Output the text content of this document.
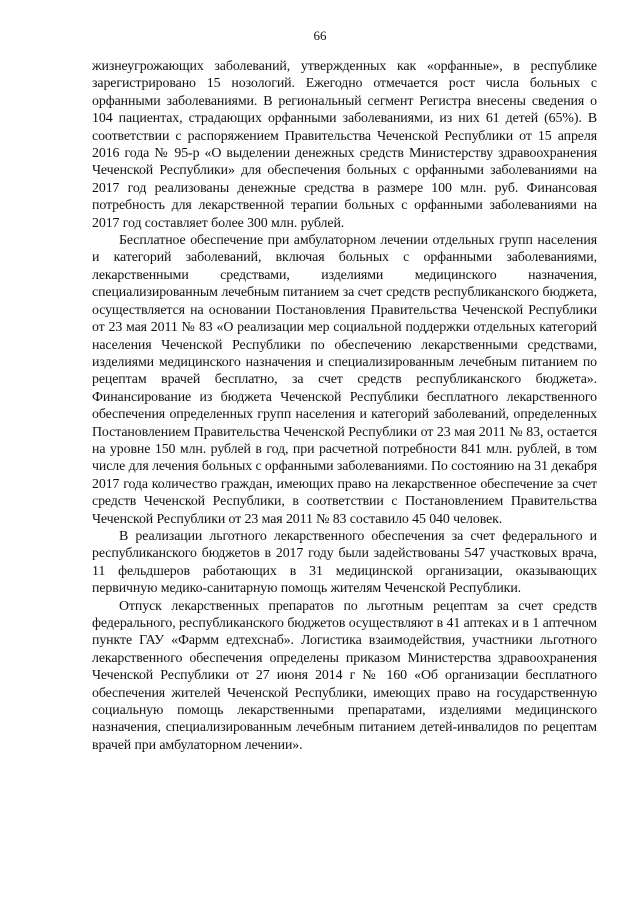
66

жизнеугрожающих заболеваний, утвержденных как «орфанные», в республике зарегистрировано 15 нозологий. Ежегодно отмечается рост числа больных с орфанными заболеваниями. В региональный сегмент Регистра внесены сведения о 104 пациентах, страдающих орфанными заболеваниями, из них 61 детей (65%). В соответствии с распоряжением Правительства Чеченской Республики от 15 апреля 2016 года № 95-р «О выделении денежных средств Министерству здравоохранения Чеченской Республики» для обеспечения больных с орфанными заболеваниями на 2017 год реализованы денежные средства в размере 100 млн. руб. Финансовая потребность для лекарственной терапии больных с орфанными заболеваниями на 2017 год составляет более 300 млн. рублей.

Бесплатное обеспечение при амбулаторном лечении отдельных групп населения и категорий заболеваний, включая больных с орфанными заболеваниями, лекарственными средствами, изделиями медицинского назначения, специализированным лечебным питанием за счет средств республиканского бюджета, осуществляется на основании Постановления Правительства Чеченской Республики от 23 мая 2011 № 83 «О реализации мер социальной поддержки отдельных категорий населения Чеченской Республики по обеспечению лекарственными средствами, изделиями медицинского назначения и специализированным лечебным питанием по рецептам врачей бесплатно, за счет средств республиканского бюджета». Финансирование из бюджета Чеченской Республики бесплатного лекарственного обеспечения определенных групп населения и категорий заболеваний, определенных Постановлением Правительства Чеченской Республики от 23 мая 2011 № 83, остается на уровне 150 млн. рублей в год, при расчетной потребности 841 млн. рублей, в том числе для лечения больных с орфанными заболеваниями. По состоянию на 31 декабря 2017 года количество граждан, имеющих право на лекарственное обеспечение за счет средств Чеченской Республики, в соответствии с Постановлением Правительства Чеченской Республики от 23 мая 2011 № 83 составило 45 040 человек.

В реализации льготного лекарственного обеспечения за счет федерального и республиканского бюджетов в 2017 году были задействованы 547 участковых врача, 11 фельдшеров работающих в 31 медицинской организации, оказывающих первичную медико-санитарную помощь жителям Чеченской Республики.

Отпуск лекарственных препаратов по льготным рецептам за счет средств федерального, республиканского бюджетов осуществляют в 41 аптеках и в 1 аптечном пункте ГАУ «Фармм едтехснаб». Логистика взаимодействия, участники льготного лекарственного обеспечения определены приказом Министерства здравоохранения Чеченской Республики от 27 июня 2014 г № 160 «Об организации бесплатного обеспечения жителей Чеченской Республики, имеющих право на государственную социальную помощь лекарственными препаратами, изделиями медицинского назначения, специализированным лечебным питанием детей-инвалидов по рецептам врачей при амбулаторном лечении».
